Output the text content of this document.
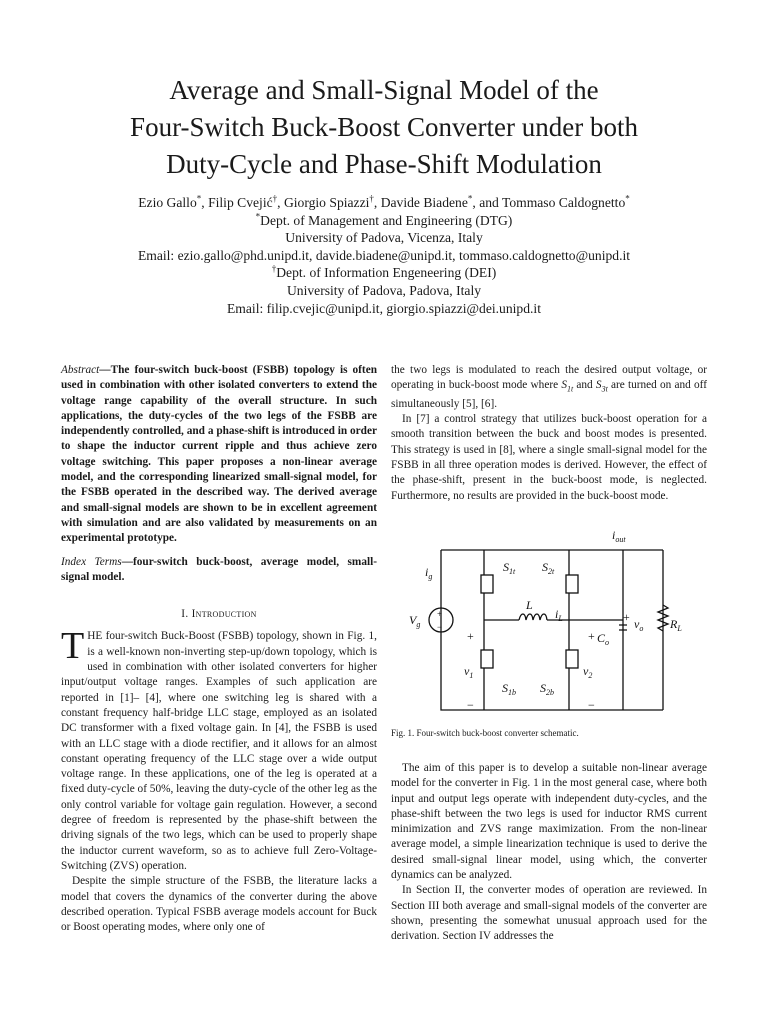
Average and Small-Signal Model of the
Four-Switch Buck-Boost Converter under both
Duty-Cycle and Phase-Shift Modulation
Ezio Gallo*, Filip Cvejić†, Giorgio Spiazzi†, Davide Biadene*, and Tommaso Caldognetto*
*Dept. of Management and Engineering (DTG)
University of Padova, Vicenza, Italy
Email: ezio.gallo@phd.unipd.it, davide.biadene@unipd.it, tommaso.caldognetto@unipd.it
†Dept. of Information Engeneering (DEI)
University of Padova, Padova, Italy
Email: filip.cvejic@unipd.it, giorgio.spiazzi@dei.unipd.it
Abstract—The four-switch buck-boost (FSBB) topology is often used in combination with other isolated converters to extend the voltage range capability of the overall structure. In such applications, the duty-cycles of the two legs of the FSBB are independently controlled, and a phase-shift is introduced in order to shape the inductor current ripple and thus achieve zero voltage switching. This paper proposes a non-linear average model, and the corresponding linearized small-signal model, for the FSBB operated in the described way. The derived average and small-signal models are shown to be in excellent agreement with simulation and are also validated by measurements on an experimental prototype.
Index Terms—four-switch buck-boost, average model, small-signal model.
I. Introduction

THE four-switch Buck-Boost (FSBB) topology, shown in Fig. 1, is a well-known non-inverting step-up/down topology, which is used in combination with other isolated converters for higher input/output voltage ranges. Examples of such application are reported in [1]– [4], where one switching leg is shared with a constant frequency half-bridge LLC stage, employed as an isolated DC transformer with a fixed voltage gain. In [4], the FSBB is used with an LLC stage with a diode rectifier, and it allows for an almost constant operating frequency of the LLC stage over a wide output voltage range. In these applications, one of the leg is operated at a fixed duty-cycle of 50%, leaving the duty-cycle of the other leg as the only control variable for voltage gain regulation. However, a second degree of freedom is represented by the phase-shift between the driving signals of the two legs, which can be used to properly shape the inductor current waveform, so as to achieve full Zero-Voltage-Switching (ZVS) operation.

Despite the simple structure of the FSBB, the literature lacks a model that covers the dynamics of the converter during the above described operation. Typical FSBB average models account for Buck or Boost operating modes, where only one of

the two legs is modulated to reach the desired output voltage, or operating in buck-boost mode where $S_{1t}$ and $S_{3t}$ are turned on and off simultaneously [5], [6].

In [7] a control strategy that utilizes buck-boost operation for a smooth transition between the buck and boost modes is presented. This strategy is used in [8], where a single small-signal model for the FSBB in all three operation modes is derived. However, the effect of the phase-shift, present in the buck-boost mode, is neglected. Furthermore, no results are provided in the buck-boost mode.

$i_{out}$
$i_g$
$S_{1t}$ $S_{2t}$
L
$i_L$
$V_g$
+
−
+	+
+ $v_o$ $R_L$
$C_o$
$v_1$	$v_2$
$S_{1b}$ $S_{2b}$
−	−
Fig. 1. Four-switch buck-boost converter schematic.

The aim of this paper is to develop a suitable non-linear average model for the converter in Fig. 1 in the most general case, where both input and output legs operate with independent duty-cycles, and the phase-shift between the two legs is used for inductor RMS current minimization and ZVS range maximization. From the non-linear average model, a simple linearization technique is used to derive the desired small-signal linear model, using which, the converter dynamics can be analyzed.

In Section II, the converter modes of operation are reviewed. In Section III both average and small-signal models of the converter are shown, presenting the somewhat unusual approach used for the derivation. Section IV addresses the
